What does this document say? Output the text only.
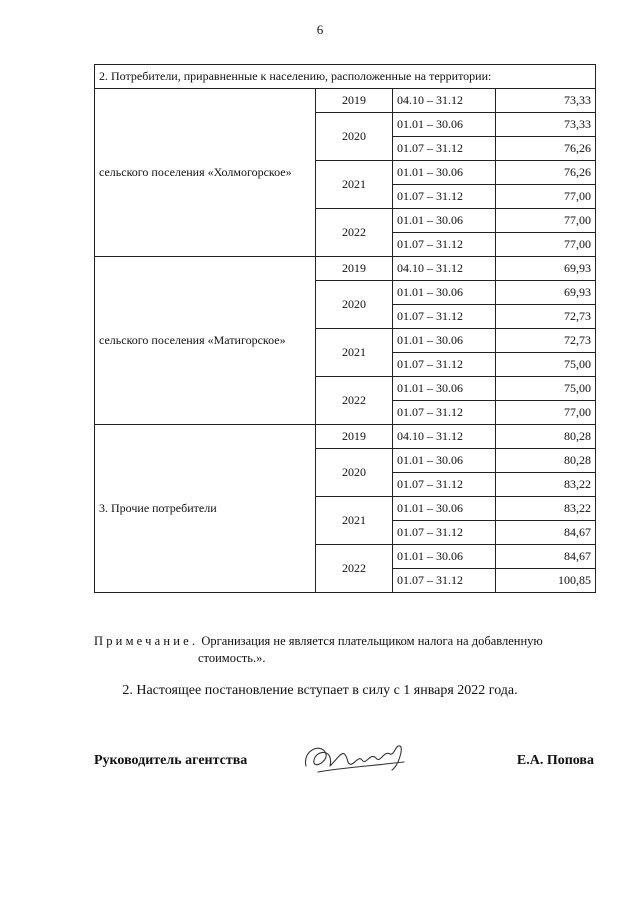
6
2. Потребители, приравненные к населению, расположенные на территории:			
сельского поселения «Холмогорское»	2019	04.10 – 31.12	73,33
	2020	01.01 – 30.06	73,33
		01.07 – 31.12	76,26
	2021	01.01 – 30.06	76,26
		01.07 – 31.12	77,00
	2022	01.01 – 30.06	77,00
		01.07 – 31.12	77,00
сельского поселения «Матигорское»	2019	04.10 – 31.12	69,93
	2020	01.01 – 30.06	69,93
		01.07 – 31.12	72,73
	2021	01.01 – 30.06	72,73
		01.07 – 31.12	75,00
	2022	01.01 – 30.06	75,00
		01.07 – 31.12	77,00
3. Прочие потребители	2019	04.10 – 31.12	80,28
	2020	01.01 – 30.06	80,28
		01.07 – 31.12	83,22
	2021	01.01 – 30.06	83,22
		01.07 – 31.12	84,67
	2022	01.01 – 30.06	84,67
		01.07 – 31.12	100,85
Примечание. Организация не является плательщиком налога на добавленную
стоимость.».
2. Настоящее постановление вступает в силу с 1 января 2022 года.
Руководитель агентства	Е.А. Попова
